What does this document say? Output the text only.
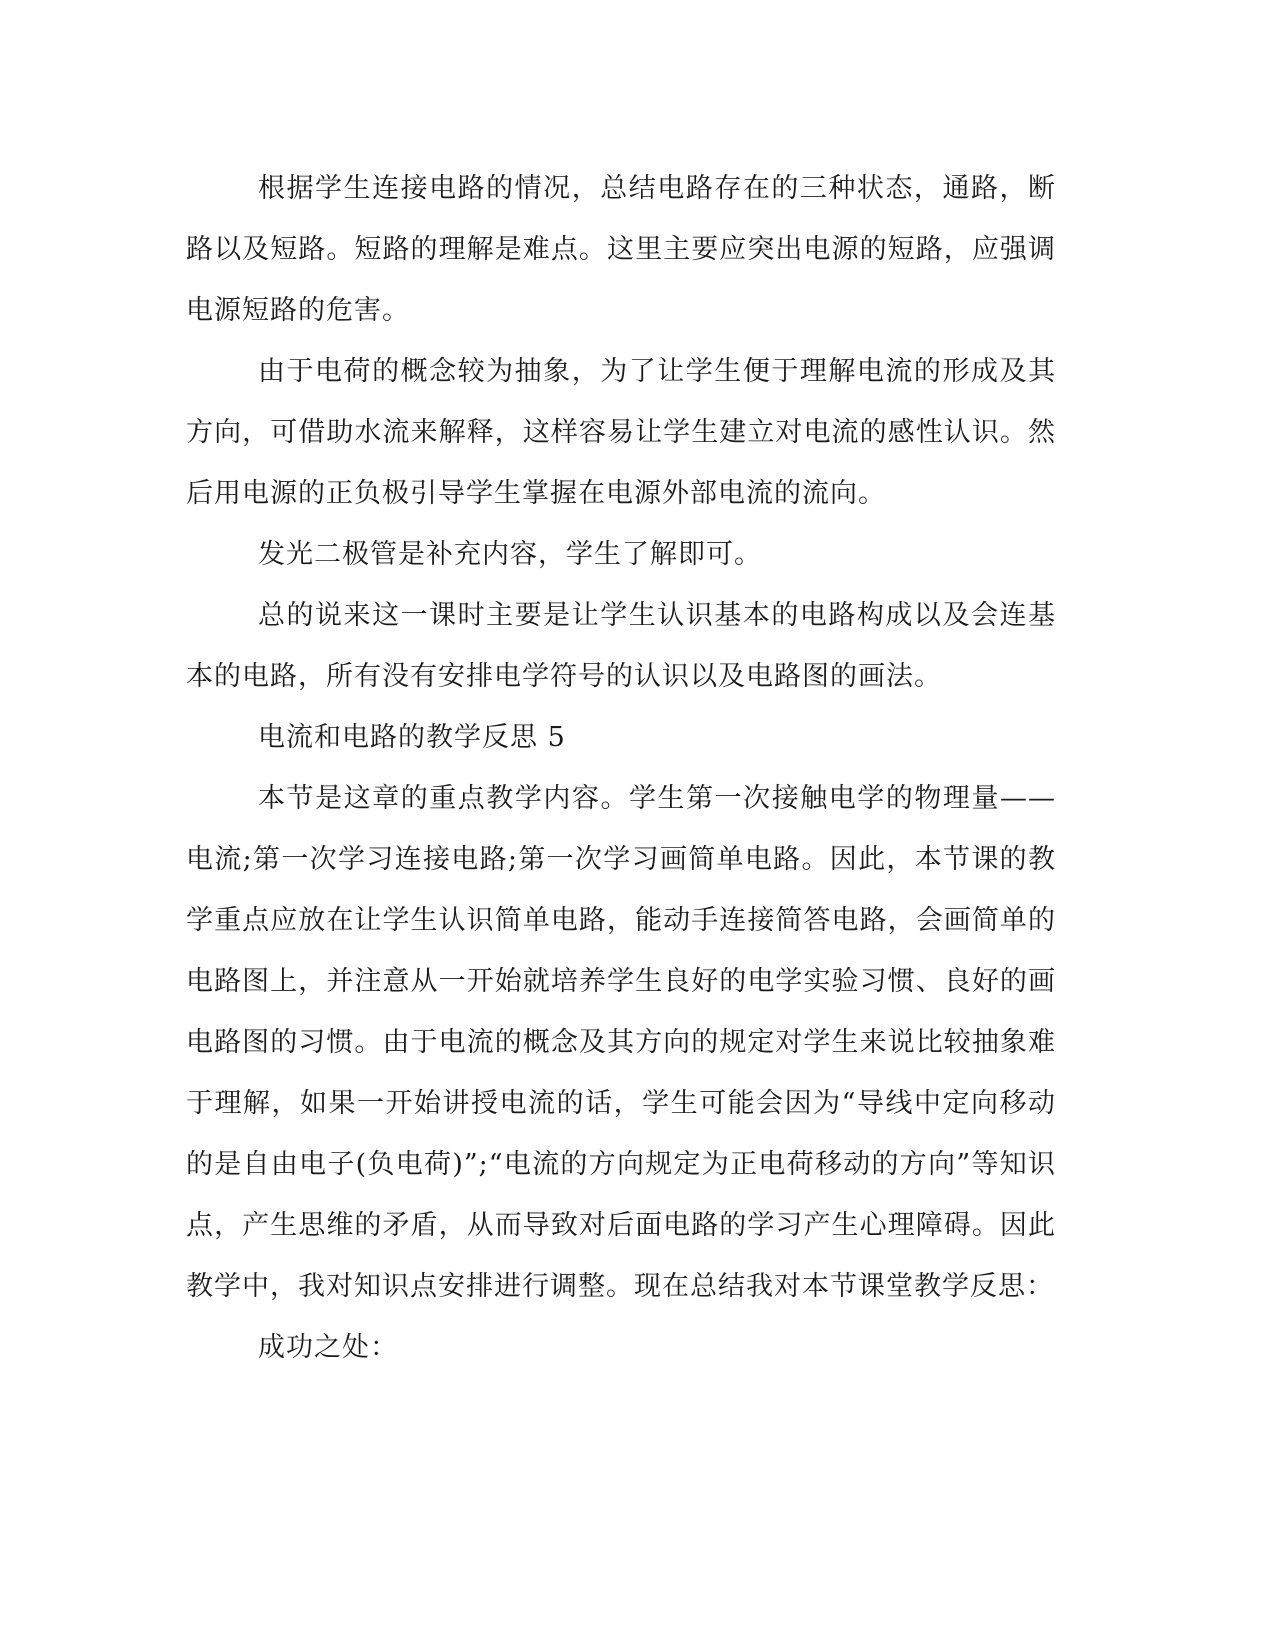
根据学生连接电路的情况，总结电路存在的三种状态，通路，断路以及短路。短路的理解是难点。这里主要应突出电源的短路，应强调电源短路的危害。

由于电荷的概念较为抽象，为了让学生便于理解电流的形成及其方向，可借助水流来解释，这样容易让学生建立对电流的感性认识。然后用电源的正负极引导学生掌握在电源外部电流的流向。

发光二极管是补充内容，学生了解即可。

总的说来这一课时主要是让学生认识基本的电路构成以及会连基本的电路，所有没有安排电学符号的认识以及电路图的画法。

电流和电路的教学反思 5

本节是这章的重点教学内容。学生第一次接触电学的物理量——电流;第一次学习连接电路;第一次学习画简单电路。因此，本节课的教学重点应放在让学生认识简单电路，能动手连接简答电路，会画简单的电路图上，并注意从一开始就培养学生良好的电学实验习惯、良好的画电路图的习惯。由于电流的概念及其方向的规定对学生来说比较抽象难于理解，如果一开始讲授电流的话，学生可能会因为“导线中定向移动的是自由电子(负电荷)”;“电流的方向规定为正电荷移动的方向”等知识点，产生思维的矛盾，从而导致对后面电路的学习产生心理障碍。因此教学中，我对知识点安排进行调整。现在总结我对本节课堂教学反思：

成功之处：
